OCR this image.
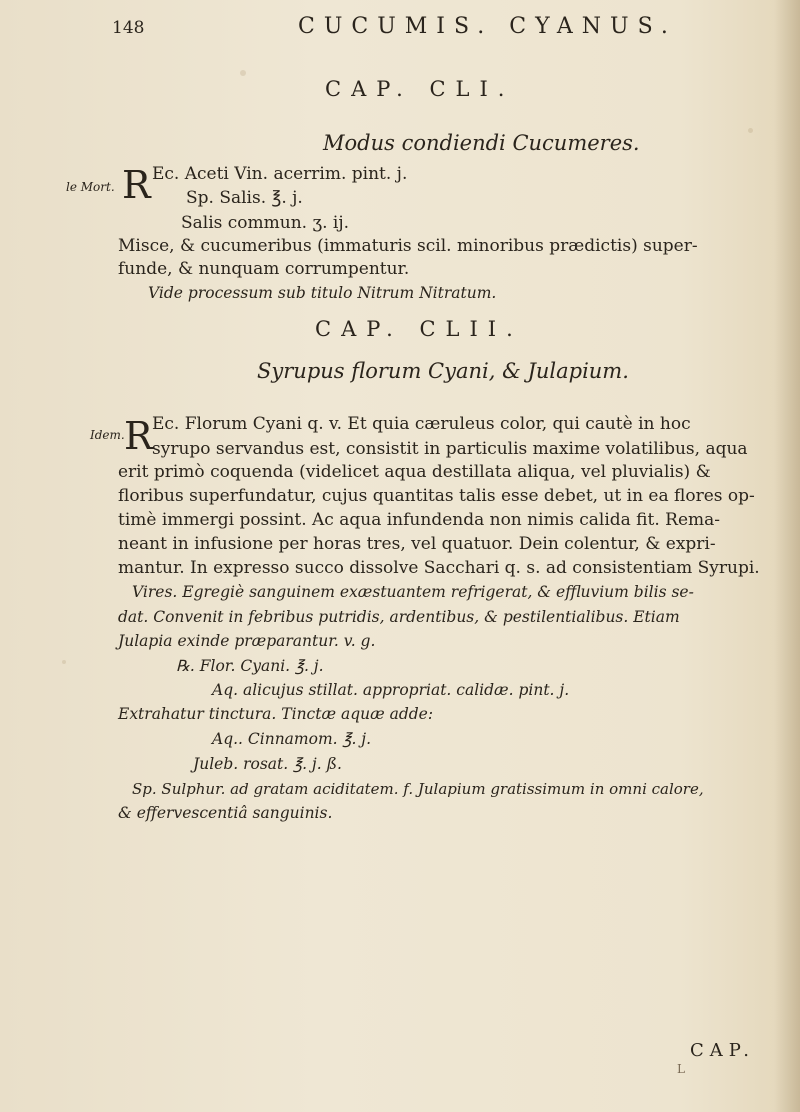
148	CUCUMIS. CYANUS.
CAP. CLI.
Modus condiendi Cucumeres.
le Mort. R Ec. Aceti Vin. acerrim. pint. j.
Sp. Salis. ℥. j.
Salis commun. ʒ. ij.
Misce, & cucumeribus (immaturis scil. minoribus prædictis) super-
funde, & nunquam corrumpentur.
Vide processum sub titulo Nitrum Nitratum.
CAP. CLII.
Syrupus florum Cyani, & Julapium.
Idem. R Ec. Florum Cyani q. v. Et quia cæruleus color, qui cautè in hoc
syrupo servandus est, consistit in particulis maxime volatilibus, aqua
erit primò coquenda (videlicet aqua destillata aliqua, vel pluvialis) &
floribus superfundatur, cujus quantitas talis esse debet, ut in ea flores op-
timè immergi possint. Ac aqua infundenda non nimis calida fit. Rema-
neant in infusione per horas tres, vel quatuor. Dein colentur, & expri-
mantur. In expresso succo dissolve Sacchari q. s. ad consistentiam Syrupi.
Vires. Egregiè sanguinem exæstuantem refrigerat, & effluvium bilis se-
dat. Convenit in febribus putridis, ardentibus, & pestilentialibus. Etiam
Julapia exinde præparantur. v. g.
℞. Flor. Cyani. ℥. j.
Aq. alicujus stillat. appropriat. calidæ. pint. j.
Extrahatur tinctura. Tinctæ aquæ adde:
Aq.. Cinnamom. ℥. j.
Juleb. rosat. ℥. j. ß.
Sp. Sulphur. ad gratam aciditatem. f. Julapium gratissimum in omni calore,
& effervescentiâ sanguinis.
CAP.
L
